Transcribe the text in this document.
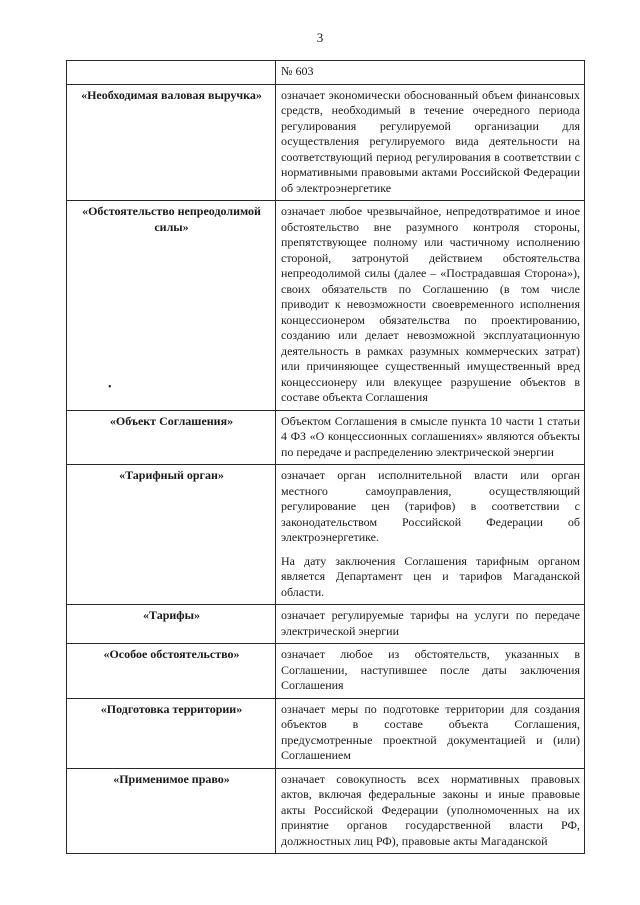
3
	№ 603
«Необходимая валовая выручка»	означает экономически обоснованный объем финансовых средств, необходимый в течение очередного периода регулирования регулируемой организации для осуществления регулируемого вида деятельности на соответствующий период регулирования в соответствии с нормативными правовыми актами Российской Федерации об электроэнергетике

«Обстоятельство непреодолимой силы»	означает любое чрезвычайное, непредотвратимое и иное обстоятельство вне разумного контроля стороны, препятствующее полному или частичному исполнению стороной, затронутой действием обстоятельства непреодолимой силы (далее – «Пострадавшая Сторона»), своих обязательств по Соглашению (в том числе приводит к невозможности своевременного исполнения концессионером обязательства по проектированию, созданию или делает невозможной эксплуатационную деятельность в рамках разумных коммерческих затрат) или причиняющее существенный имущественный вред концессионеру или влекущее разрушение объектов в составе объекта Соглашения

«Объект Соглашения»	Объектом Соглашения в смысле пункта 10 части 1 статьи 4 ФЗ «О концессионных соглашениях» являются объекты по передаче и распределению электрической энергии

«Тарифный орган»	означает орган исполнительной власти или орган местного самоуправления, осуществляющий регулирование цен (тарифов) в соответствии с законодательством Российской Федерации об электроэнергетике.

На дату заключения Соглашения тарифным органом является Департамент цен и тарифов Магаданской области.

«Тарифы»	означает регулируемые тарифы на услуги по передаче электрической энергии

«Особое обстоятельство»	означает любое из обстоятельств, указанных в Соглашении, наступившее после даты заключения Соглашения

«Подготовка территории»	означает меры по подготовке территории для создания объектов в составе объекта Соглашения, предусмотренные проектной документацией и (или) Соглашением

«Применимое право»	означает совокупность всех нормативных правовых актов, включая федеральные законы и иные правовые акты Российской Федерации (уполномоченных на их принятие органов государственной власти РФ, должностных лиц РФ), правовые акты Магаданской

•
